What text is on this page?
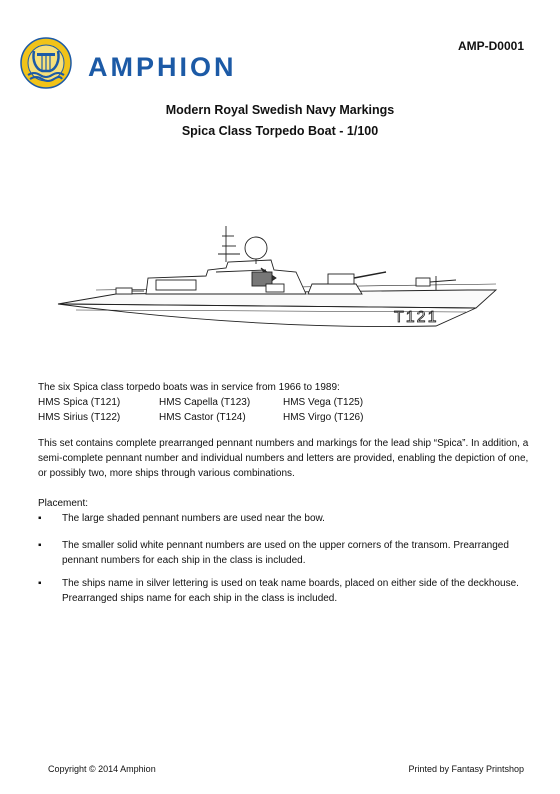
AMPHION
AMP-D0001
Modern Royal Swedish Navy Markings
Spica Class Torpedo Boat - 1/100
T121
The six Spica class torpedo boats was in service from 1966 to 1989:
HMS Spica (T121)	HMS Capella (T123)	HMS Vega (T125)
HMS Sirius (T122)	HMS Castor (T124)	HMS Virgo (T126)
This set contains complete prearranged pennant numbers and markings for the lead ship “Spica”. In addition, a semi-complete pennant number and individual numbers and letters are provided, enabling the depiction of one, or possibly two, more ships through various combinations.
Placement:
▪ The large shaded pennant numbers are used near the bow.
▪ The smaller solid white pennant numbers are used on the upper corners of the transom. Prearranged pennant numbers for each ship in the class is included.
▪ The ships name in silver lettering is used on teak name boards, placed on either side of the deckhouse. Prearranged ships name for each ship in the class is included.
Copyright © 2014 Amphion	Printed by Fantasy Printshop
